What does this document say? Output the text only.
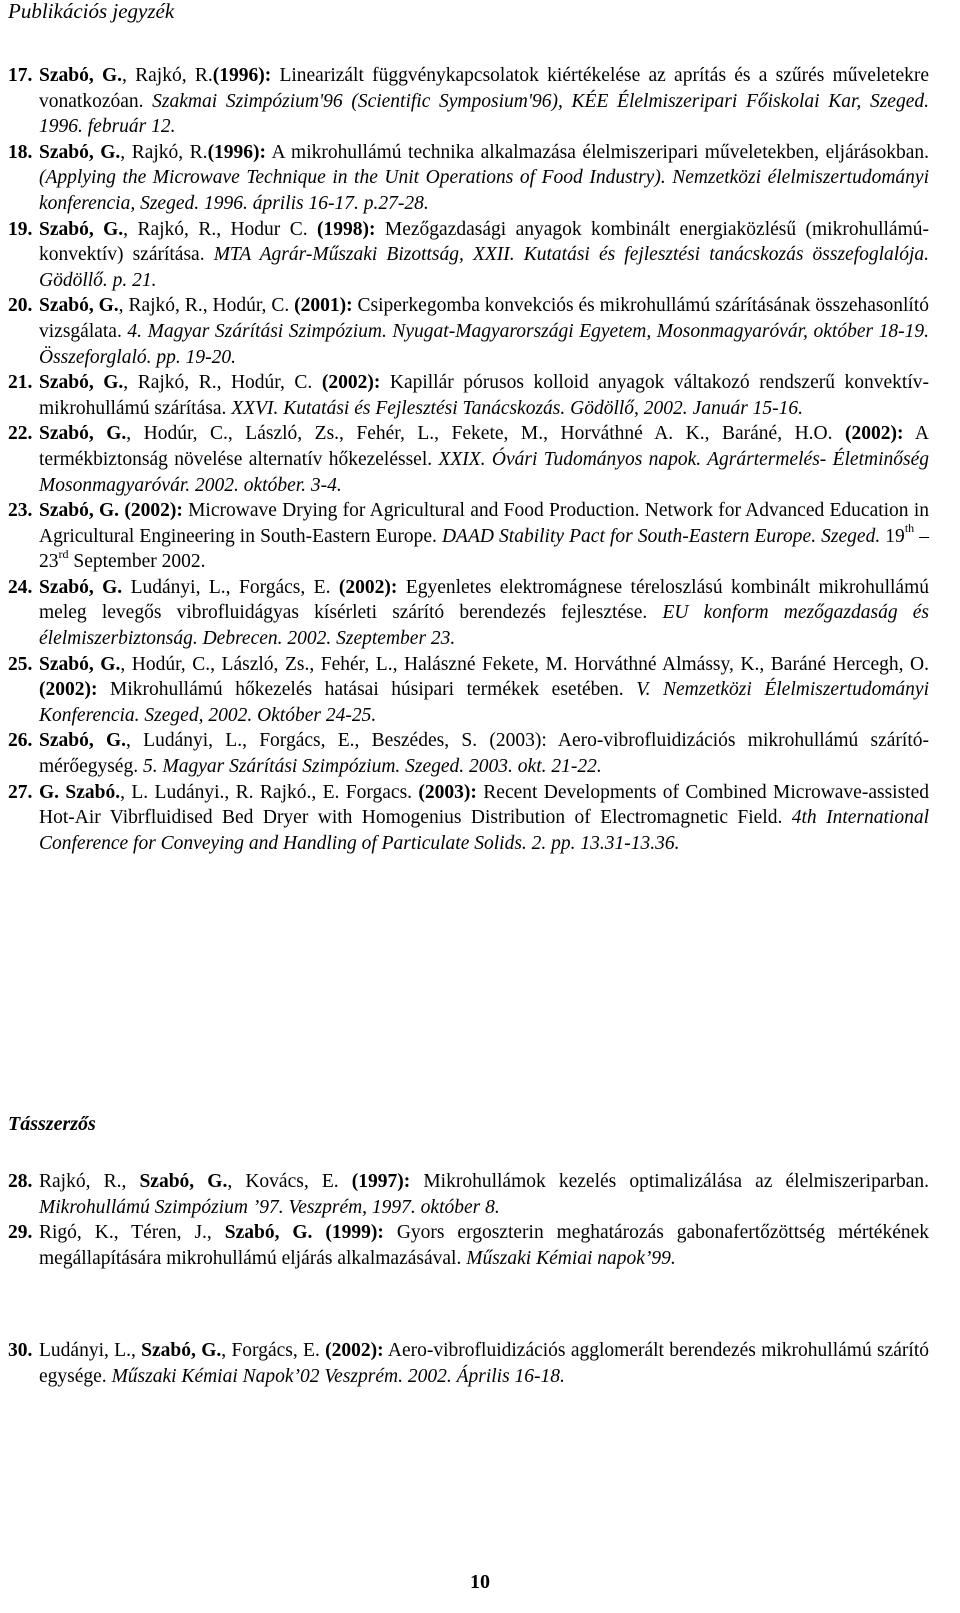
Publikációs jegyzék
17. Szabó, G., Rajkó, R.(1996): Linearizált függvénykapcsolatok kiértékelése az aprítás és a szűrés műveletekre vonatkozóan. Szakmai Szimpózium'96 (Scientific Symposium'96), KÉE Élelmiszeripari Főiskolai Kar, Szeged. 1996. február 12.
18. Szabó, G., Rajkó, R.(1996): A mikrohullámú technika alkalmazása élelmiszeripari műveletekben, eljárásokban. (Applying the Microwave Technique in the Unit Operations of Food Industry). Nemzetközi élelmiszertudományi konferencia, Szeged. 1996. április 16-17. p.27-28.
19. Szabó, G., Rajkó, R., Hodur C. (1998): Mezőgazdasági anyagok kombinált energiaközlésű (mikrohullámú-konvektív) szárítása. MTA Agrár-Műszaki Bizottság, XXII. Kutatási és fejlesztési tanácskozás összefoglalója. Gödöllő. p. 21.
20. Szabó, G., Rajkó, R., Hodúr, C. (2001): Csiperkegomba konvekciós és mikrohullámú szárításának összehasonlító vizsgálata. 4. Magyar Szárítási Szimpózium. Nyugat-Magyarországi Egyetem, Mosonmagyaróvár, október 18-19. Összeforglaló. pp. 19-20.
21. Szabó, G., Rajkó, R., Hodúr, C. (2002): Kapillár pórusos kolloid anyagok váltakozó rendszerű konvektív-mikrohullámú szárítása. XXVI. Kutatási és Fejlesztési Tanácskozás. Gödöllő, 2002. Január 15-16.
22. Szabó, G., Hodúr, C., László, Zs., Fehér, L., Fekete, M., Horváthné A. K., Baráné, H.O. (2002): A termékbiztonság növelése alternatív hőkezeléssel. XXIX. Óvári Tudományos napok. Agrártermelés- Életminőség Mosonmagyaróvár. 2002. október. 3-4.
23. Szabó, G. (2002): Microwave Drying for Agricultural and Food Production. Network for Advanced Education in Agricultural Engineering in South-Eastern Europe. DAAD Stability Pact for South-Eastern Europe. Szeged. 19th – 23rd September 2002.
24. Szabó, G. Ludányi, L., Forgács, E. (2002): Egyenletes elektromágnese téreloszlású kombinált mikrohullámú meleg levegős vibrofluidágyas kísérleti szárító berendezés fejlesztése. EU konform mezőgazdaság és élelmiszerbiztonság. Debrecen. 2002. Szeptember 23.
25. Szabó, G., Hodúr, C., László, Zs., Fehér, L., Halászné Fekete, M. Horváthné Almássy, K., Baráné Hercegh, O. (2002): Mikrohullámú hőkezelés hatásai húsipari termékek esetében. V. Nemzetközi Élelmiszertudományi Konferencia. Szeged, 2002. Október 24-25.
26. Szabó, G., Ludányi, L., Forgács, E., Beszédes, S. (2003): Aero-vibrofluidizációs mikrohullámú szárító-mérőegység. 5. Magyar Szárítási Szimpózium. Szeged. 2003. okt. 21-22.
27. G. Szabó., L. Ludányi., R. Rajkó., E. Forgacs. (2003): Recent Developments of Combined Microwave-assisted Hot-Air Vibrfluidised Bed Dryer with Homogenius Distribution of Electromagnetic Field. 4th International Conference for Conveying and Handling of Particulate Solids. 2. pp. 13.31-13.36.
Tásszerzős
28. Rajkó, R., Szabó, G., Kovács, E. (1997): Mikrohullámok kezelés optimalizálása az élelmiszeriparban. Mikrohullámú Szimpózium ’97. Veszprém, 1997. október 8.
29. Rigó, K., Téren, J., Szabó, G. (1999): Gyors ergoszterin meghatározás gabonafertőzöttség mértékének megállapítására mikrohullámú eljárás alkalmazásával. Műszaki Kémiai napok’99.
30. Ludányi, L., Szabó, G., Forgács, E. (2002): Aero-vibrofluidizációs agglomerált berendezés mikrohullámú szárító egysége. Műszaki Kémiai Napok’02 Veszprém. 2002. Április 16-18.
10
